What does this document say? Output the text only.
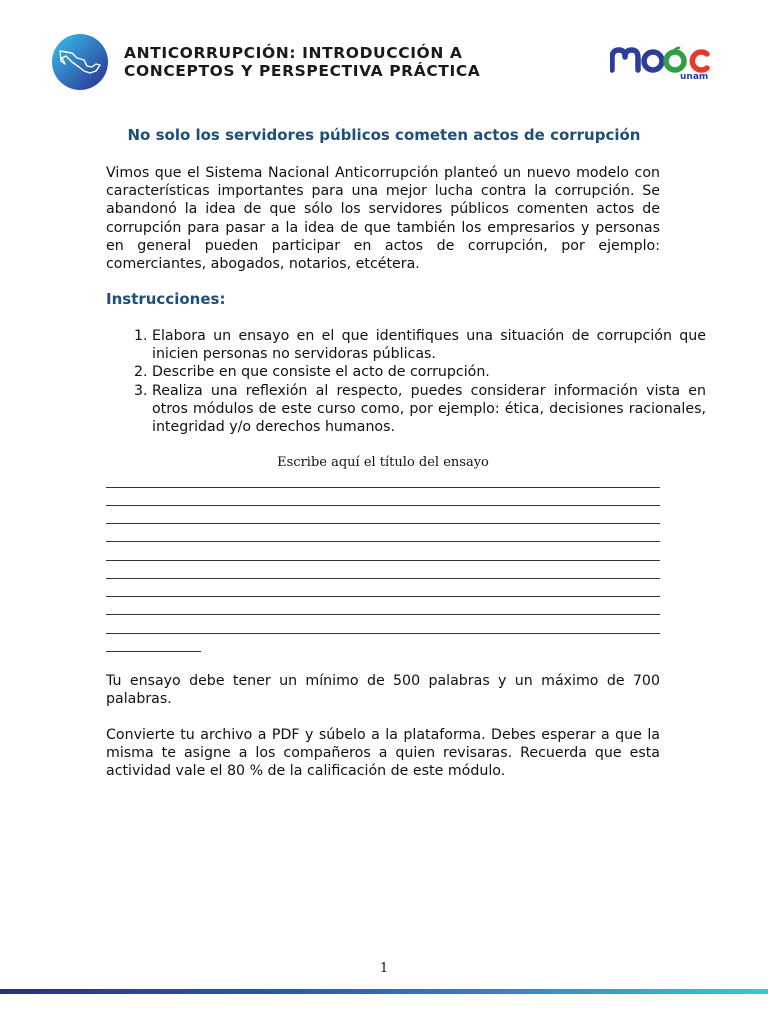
ANTICORRUPCIÓN: INTRODUCCIÓN A
CONCEPTOS Y PERSPECTIVA PRÁCTICA	unam
No solo los servidores públicos cometen actos de corrupción

Vimos que el Sistema Nacional Anticorrupción planteó un nuevo modelo con características importantes para una mejor lucha contra la corrupción. Se abandonó la idea de que sólo los servidores públicos comenten actos de corrupción para pasar a la idea de que también los empresarios y personas en general pueden participar en actos de corrupción, por ejemplo: comerciantes, abogados, notarios, etcétera.

Instrucciones:
1. Elabora un ensayo en el que identifiques una situación de corrupción que inicien personas no servidoras públicas.
2. Describe en que consiste el acto de corrupción.
3. Realiza una reflexión al respecto, puedes considerar información vista en otros módulos de este curso como, por ejemplo: ética, decisiones racionales, integridad y/o derechos humanos.
Escribe aquí el título del ensayo

Tu ensayo debe tener un mínimo de 500 palabras y un máximo de 700 palabras.

Convierte tu archivo a PDF y súbelo a la plataforma. Debes esperar a que la misma te asigne a los compañeros a quien revisaras. Recuerda que esta actividad vale el 80 % de la calificación de este módulo.

1
